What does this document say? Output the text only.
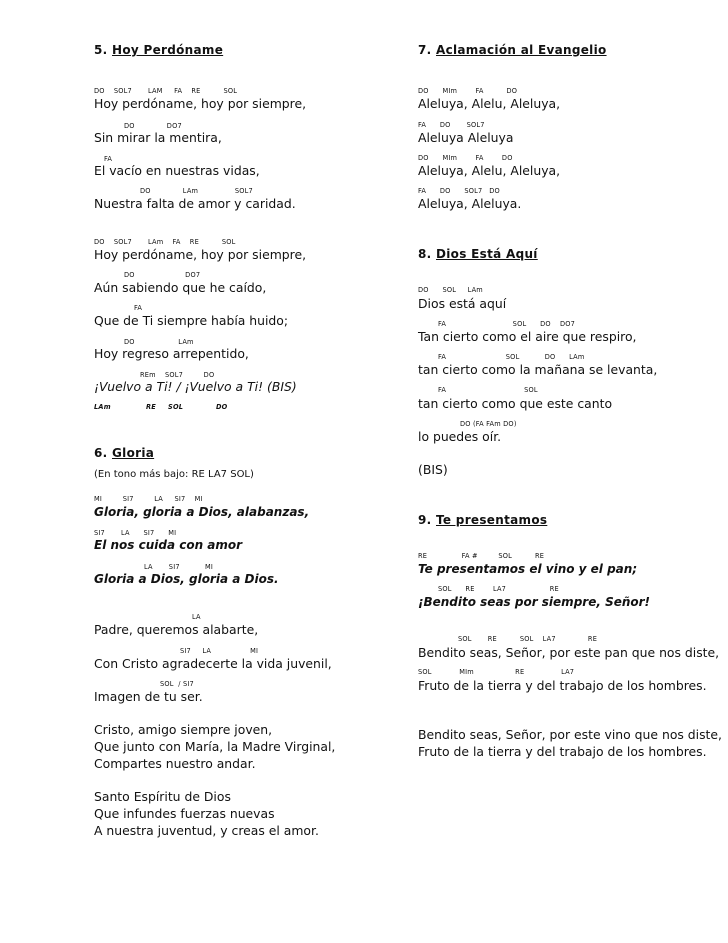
5. Hoy Perdóname
DO    SOL7       LAM     FA    RE          SOL
Hoy perdóname, hoy por siempre,
DO              DO7
Sin mirar la mentira,
FA
El vacío en nuestras vidas,
DO              LAm                SOL7
Nuestra falta de amor y caridad.
DO    SOL7       LAm    FA    RE          SOL
Hoy perdóname, hoy por siempre,
DO                      DO7
Aún sabiendo que he caído,
FA
Que de Ti siempre había huido;
DO                   LAm
Hoy regreso arrepentido,
REm    SOL7         DO
¡Vuelvo a Ti! / ¡Vuelvo a Ti! (BIS)
LAm	RE SOL	DO
6. Gloria
(En tono más bajo: RE LA7 SOL)
MI         SI7         LA     SI7    MI
Gloria, gloria a Dios, alabanzas,
SI7       LA      SI7      MI
El nos cuida con amor
LA       SI7           MI
Gloria a Dios, gloria a Dios.
LA
Padre, queremos alabarte,
SI7     LA                 MI
Con Cristo agradecerte la vida juvenil,
SOL  / SI7
Imagen de tu ser.
Cristo, amigo siempre joven,
Que junto con María, la Madre Virginal,
Compartes nuestro andar.
Santo Espíritu de Dios
Que infundes fuerzas nuevas
A nuestra juventud, y creas el amor.
7. Aclamación al Evangelio
DO      MIm        FA          DO
Aleluya, Alelu, Aleluya,
FA      DO       SOL7
Aleluya Aleluya
DO      MIm        FA        DO
Aleluya, Alelu, Aleluya,
FA      DO      SOL7   DO
Aleluya, Aleluya.
8. Dios Está Aquí
DO      SOL     LAm
Dios está aquí
FA                             SOL      DO    DO7
Tan cierto como el aire que respiro,
FA                          SOL           DO      LAm
tan cierto como la mañana se levanta,
FA                                  SOL
tan cierto como que este canto
DO (FA FAm DO)
lo puedes oír.
(BIS)
9. Te presentamos
RE               FA #         SOL          RE
Te presentamos el vino y el pan;
SOL      RE        LA7                   RE
¡Bendito seas por siempre, Señor!
SOL       RE          SOL    LA7              RE
Bendito seas, Señor, por este pan que nos diste,
SOL            MIm                  RE                LA7
Fruto de la tierra y del trabajo de los hombres.
Bendito seas, Señor, por este vino que nos diste,
Fruto de la tierra y del trabajo de los hombres.
